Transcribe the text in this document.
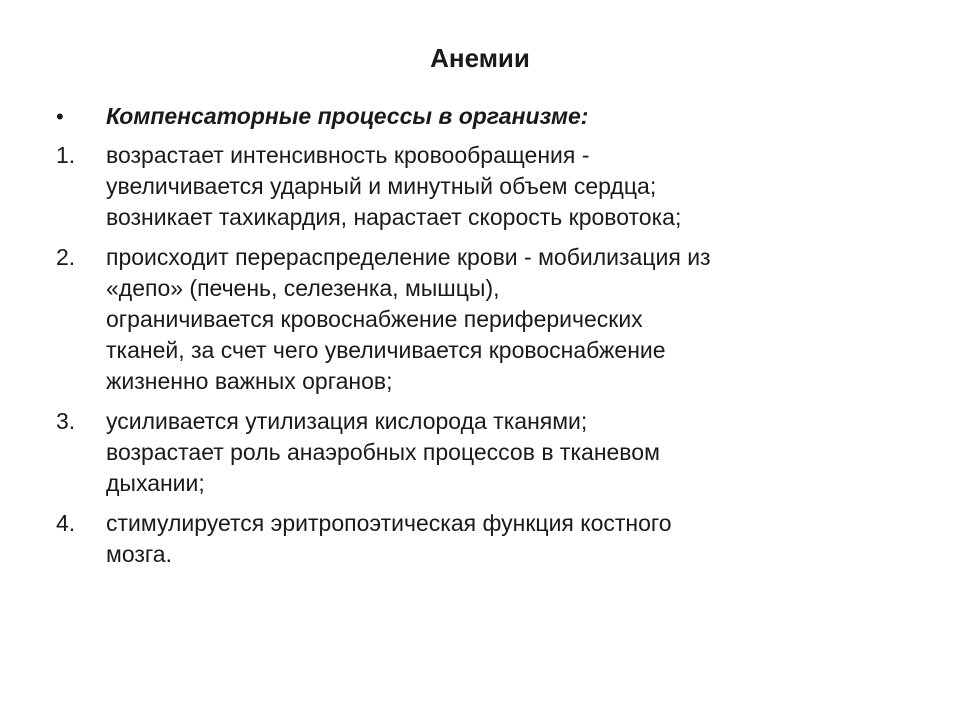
Анемии
• Компенсаторные процессы в организме:
1.	возрастает интенсивность кровообращения -
увеличивается ударный и минутный объем сердца;
возникает тахикардия, нарастает скорость кровотока;
2.	происходит перераспределение крови - мобилизация из
«депо» (печень, селезенка, мышцы),
ограничивается кровоснабжение периферических
тканей, за счет чего увеличивается кровоснабжение
жизненно важных органов;
3.	усиливается утилизация кислорода тканями;
возрастает роль анаэробных процессов в тканевом
дыхании;
4.	стимулируется эритропоэтическая функция костного
мозга.
